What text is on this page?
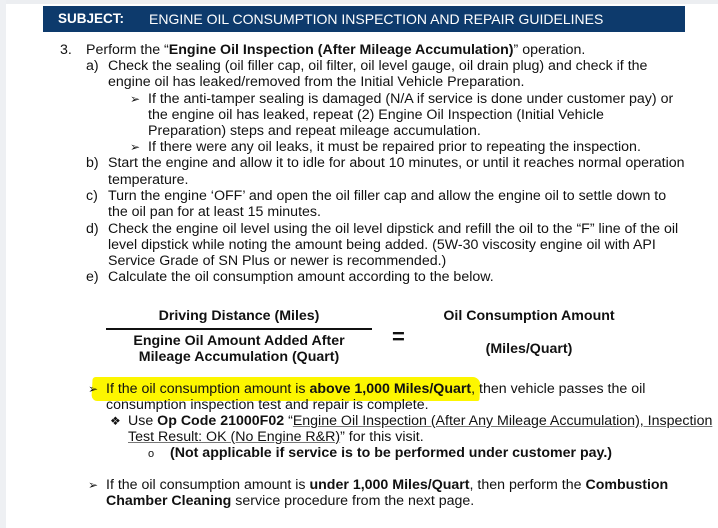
SUBJECT: ENGINE OIL CONSUMPTION INSPECTION AND REPAIR GUIDELINES
3. Perform the “Engine Oil Inspection (After Mileage Accumulation)” operation.
a) Check the sealing (oil filler cap, oil filter, oil level gauge, oil drain plug) and check if the
engine oil has leaked/removed from the Initial Vehicle Preparation.
➢ If the anti-tamper sealing is damaged (N/A if service is done under customer pay) or
the engine oil has leaked, repeat (2) Engine Oil Inspection (Initial Vehicle
Preparation) steps and repeat mileage accumulation.
➢ If there were any oil leaks, it must be repaired prior to repeating the inspection.
b) Start the engine and allow it to idle for about 10 minutes, or until it reaches normal operation
temperature.
c) Turn the engine ‘OFF’ and open the oil filler cap and allow the engine oil to settle down to
the oil pan for at least 15 minutes.
d) Check the engine oil level using the oil level dipstick and refill the oil to the “F” line of the oil
level dipstick while noting the amount being added. (5W-30 viscosity engine oil with API
Service Grade of SN Plus or newer is recommended.)
e) Calculate the oil consumption amount according to the below.
Driving Distance (Miles)
Engine Oil Amount Added After
Mileage Accumulation (Quart)
=
Oil Consumption Amount
(Miles/Quart)
➢ If the oil consumption amount is above 1,000 Miles/Quart, then vehicle passes the oil
consumption inspection test and repair is complete.
❖ Use Op Code 21000F02 “Engine Oil Inspection (After Any Mileage Accumulation), Inspection
Test Result: OK (No Engine R&R)” for this visit.
o (Not applicable if service is to be performed under customer pay.)
➢ If the oil consumption amount is under 1,000 Miles/Quart, then perform the Combustion
Chamber Cleaning service procedure from the next page.
